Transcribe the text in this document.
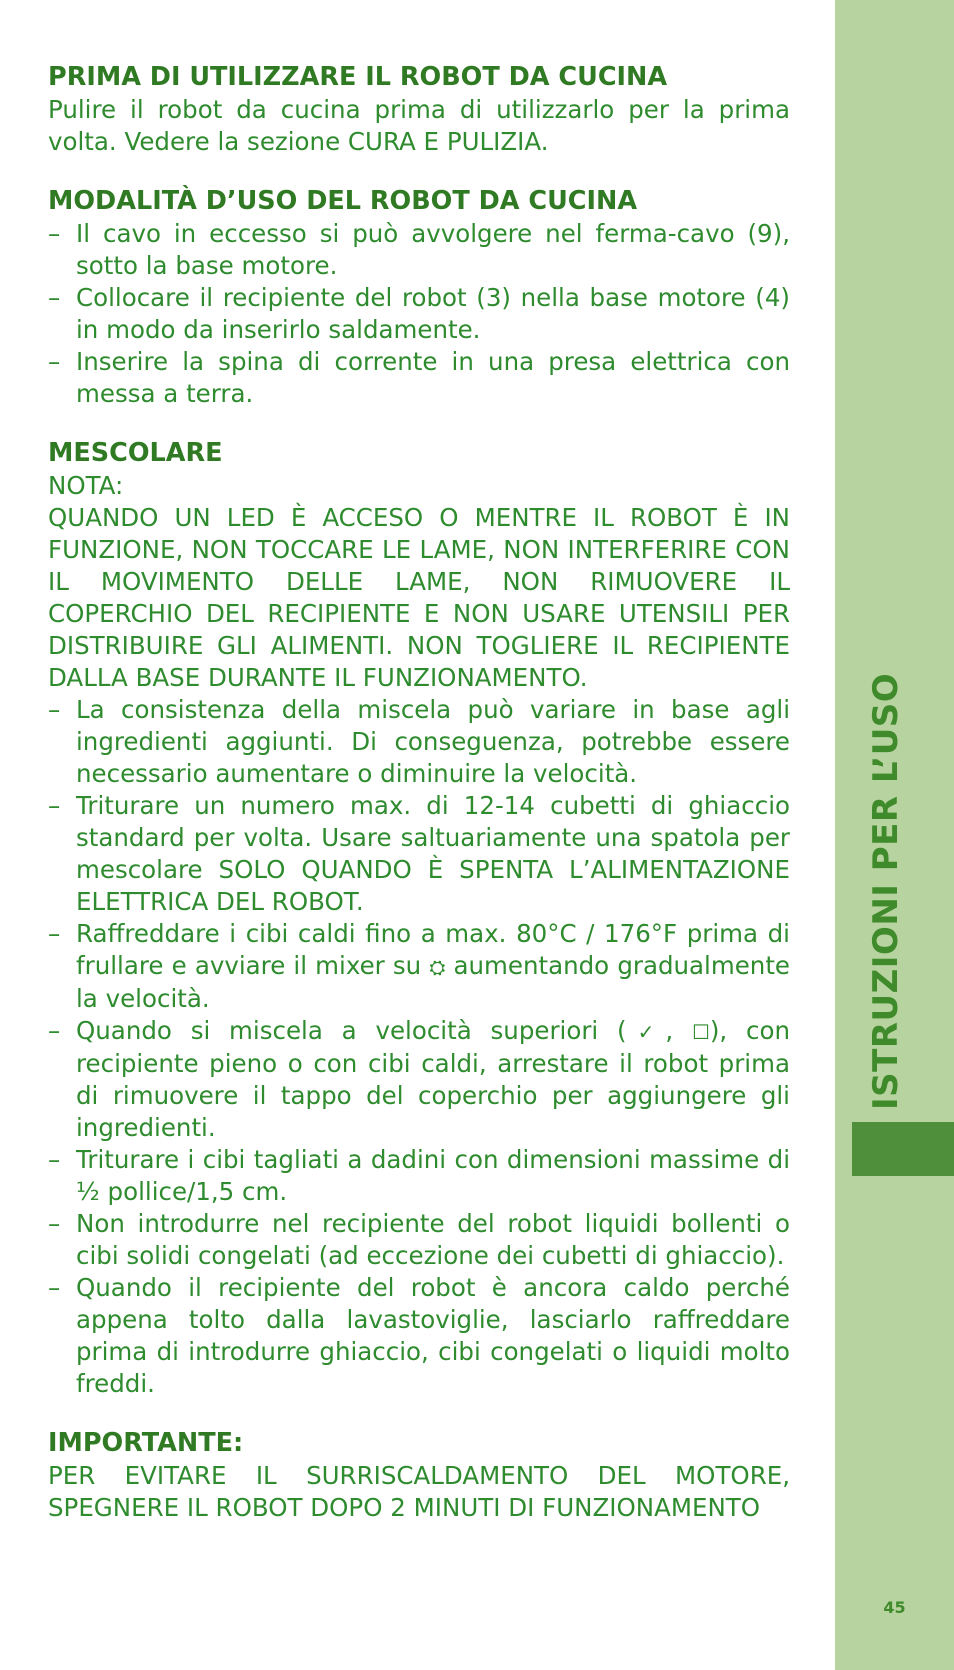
PRIMA DI UTILIZZARE IL ROBOT DA CUCINA

Pulire il robot da cucina prima di utilizzarlo per la prima volta. Vedere la sezione CURA E PULIZIA.

MODALITÀ D’USO DEL ROBOT DA CUCINA
– Il cavo in eccesso si può avvolgere nel ferma-cavo (9), sotto la base motore.
– Collocare il recipiente del robot (3) nella base motore (4) in modo da inserirlo saldamente.
– Inserire la spina di corrente in una presa elettrica con messa a terra.
MESCOLARE

NOTA:

QUANDO UN LED È ACCESO O MENTRE IL ROBOT È IN FUNZIONE, NON TOCCARE LE LAME, NON INTERFERIRE CON IL MOVIMENTO DELLE LAME, NON RIMUOVERE IL COPERCHIO DEL RECIPIENTE E NON USARE UTENSILI PER DISTRIBUIRE GLI ALIMENTI. NON TOGLIERE IL RECIPIENTE DALLA BASE DURANTE IL FUNZIONAMENTO.

– La consistenza della miscela può variare in base agli ingredienti aggiunti. Di conseguenza, potrebbe essere necessario aumentare o diminuire la velocità.
– Triturare un numero max. di 12-14 cubetti di ghiaccio standard per volta. Usare saltuariamente una spatola per mescolare SOLO QUANDO È SPENTA L’ALIMENTAZIONE ELETTRICA DEL ROBOT.
– Raffreddare i cibi caldi fino a max. 80°C / 176°F prima di frullare e avviare il mixer su ⛭ aumentando gradualmente la velocità.
– Quando si miscela a velocità superiori (✓, ☐), con recipiente pieno o con cibi caldi, arrestare il robot prima di rimuovere il tappo del coperchio per aggiungere gli ingredienti.
– Triturare i cibi tagliati a dadini con dimensioni massime di ½ pollice/1,5 cm.
– Non introdurre nel recipiente del robot liquidi bollenti o cibi solidi congelati (ad eccezione dei cubetti di ghiaccio).
– Quando il recipiente del robot è ancora caldo perché appena tolto dalla lavastoviglie, lasciarlo raffreddare prima di introdurre ghiaccio, cibi congelati o liquidi molto freddi.
IMPORTANTE:

PER EVITARE IL SURRISCALDAMENTO DEL MOTORE, SPEGNERE IL ROBOT DOPO 2 MINUTI DI FUNZIONAMENTO

ISTRUZIONI PER L’USO
45
